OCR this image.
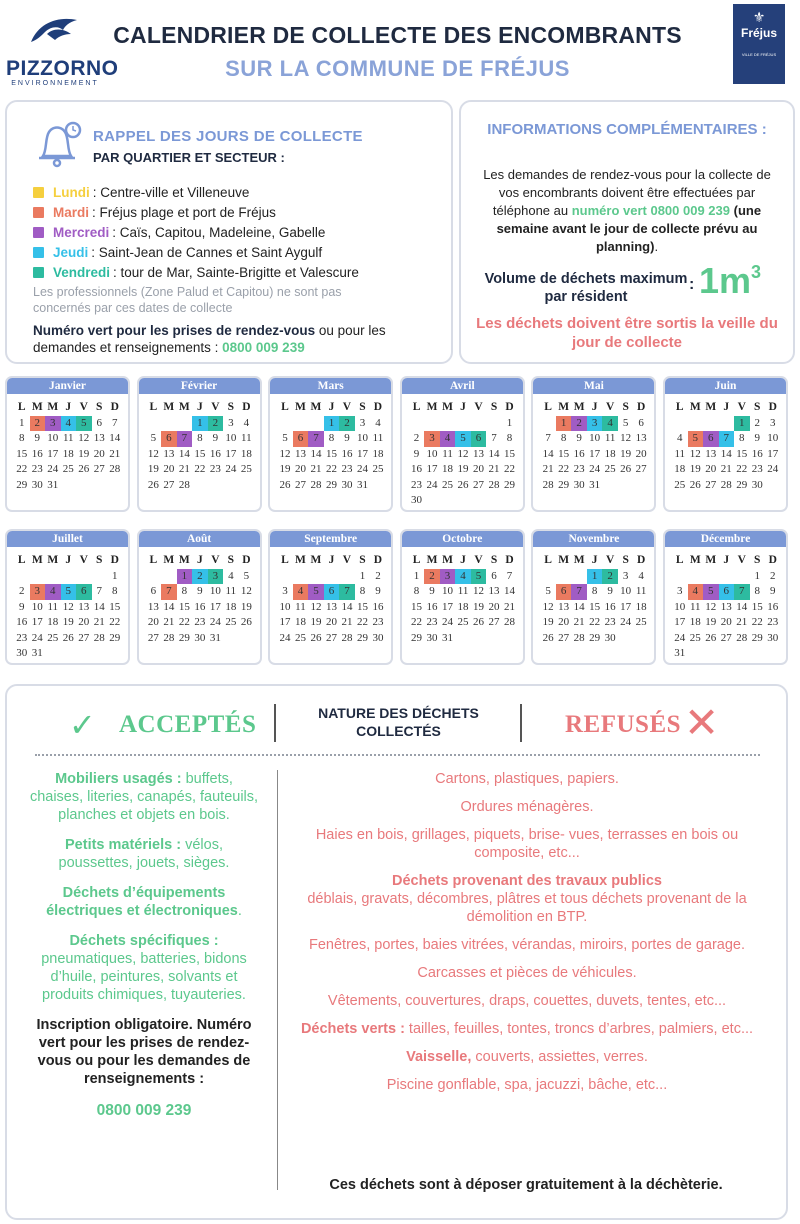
PIZZORNO
ENVIRONNEMENT
CALENDRIER DE COLLECTE DES ENCOMBRANTS
SUR LA COMMUNE DE FRÉJUS
⚜
Fréjus
VILLE DE FRÉJUS
RAPPEL DES JOURS DE COLLECTE
PAR QUARTIER ET SECTEUR :
Lundi : Centre-ville et Villeneuve
Mardi : Fréjus plage et port de Fréjus
Mercredi : Caïs, Capitou, Madeleine, Gabelle
Jeudi : Saint-Jean de Cannes et Saint Aygulf
Vendredi : tour de Mar, Sainte-Brigitte et Valescure
Les professionnels (Zone Palud et Capitou) ne sont pas concernés par ces dates de collecte
Numéro vert pour les prises de rendez-vous ou pour les demandes et renseignements : 0800 009 239
INFORMATIONS COMPLÉMENTAIRES :
Les demandes de rendez-vous pour la collecte de vos encombrants doivent être effectuées par téléphone au numéro vert 0800 009 239 (une semaine avant le jour de collecte prévu au planning).
Volume de déchets maximum par résident
: $1m^3$
Les déchets doivent être sortis la veille du jour de collecte
Janvier
L M M J V S D
1 2 3 4 5 6 7
8 9 10 11 12 13 14
15 16 17 18 19 20 21
22 23 24 25 26 27 28
29 30 31
Février
L M M J V S D
1 2 3 4
5 6 7 8 9 10 11
12 13 14 15 16 17 18
19 20 21 22 23 24 25
26 27 28
Mars
L M M J V S D
1 2 3 4
5 6 7 8 9 10 11
12 13 14 15 16 17 18
19 20 21 22 23 24 25
26 27 28 29 30 31
Avril
L M M J V S D
1
2 3 4 5 6 7 8
9 10 11 12 13 14 15
16 17 18 19 20 21 22
23 24 25 26 27 28 29
30
Mai
L M M J V S D
1 2 3 4 5 6
7 8 9 10 11 12 13
14 15 16 17 18 19 20
21 22 23 24 25 26 27
28 29 30 31
Juin
L M M J V S D
1 2 3
4 5 6 7 8 9 10
11 12 13 14 15 16 17
18 19 20 21 22 23 24
25 26 27 28 29 30
Juillet
L M M J V S D
1
2 3 4 5 6 7 8
9 10 11 12 13 14 15
16 17 18 19 20 21 22
23 24 25 26 27 28 29
30 31
Août
L M M J V S D
1 2 3 4 5
6 7 8 9 10 11 12
13 14 15 16 17 18 19
20 21 22 23 24 25 26
27 28 29 30 31
Septembre
L M M J V S D
1 2
3 4 5 6 7 8 9
10 11 12 13 14 15 16
17 18 19 20 21 22 23
24 25 26 27 28 29 30
Octobre
L M M J V S D
1 2 3 4 5 6 7
8 9 10 11 12 13 14
15 16 17 18 19 20 21
22 23 24 25 26 27 28
29 30 31
Novembre
L M M J V S D
1 2 3 4
5 6 7 8 9 10 11
12 13 14 15 16 17 18
19 20 21 22 23 24 25
26 27 28 29 30
Décembre
L M M J V S D
1 2
3 4 5 6 7 8 9
10 11 12 13 14 15 16
17 18 19 20 21 22 23
24 25 26 27 28 29 30
31
✓ ACCEPTÉS	NATURE DES DÉCHETS COLLECTÉS	REFUSÉS ✕
Mobiliers usagés : buffets, chaises, literies, canapés, fauteuils, planches et objets en bois.
Petits matériels : vélos, poussettes, jouets, sièges.
Déchets d’équipements électriques et électroniques.
Déchets spécifiques : pneumatiques, batteries, bidons d’huile, peintures, solvants et produits chimiques, tuyauteries.
Inscription obligatoire. Numéro vert pour les prises de rendez-vous ou pour les demandes de renseignements :
0800 009 239
Cartons, plastiques, papiers.
Ordures ménagères.
Haies en bois, grillages, piquets, brise- vues, terrasses en bois ou composite, etc...
Déchets provenant des travaux publics
déblais, gravats, décombres, plâtres et tous déchets provenant de la démolition en BTP.
Fenêtres, portes, baies vitrées, vérandas, miroirs, portes de garage.
Carcasses et pièces de véhicules.
Vêtements, couvertures, draps, couettes, duvets, tentes, etc...
Déchets verts : tailles, feuilles, tontes, troncs d’arbres, palmiers, etc...
Vaisselle, couverts, assiettes, verres.
Piscine gonflable, spa, jacuzzi, bâche, etc...
Ces déchets sont à déposer gratuitement à la déchèterie.
